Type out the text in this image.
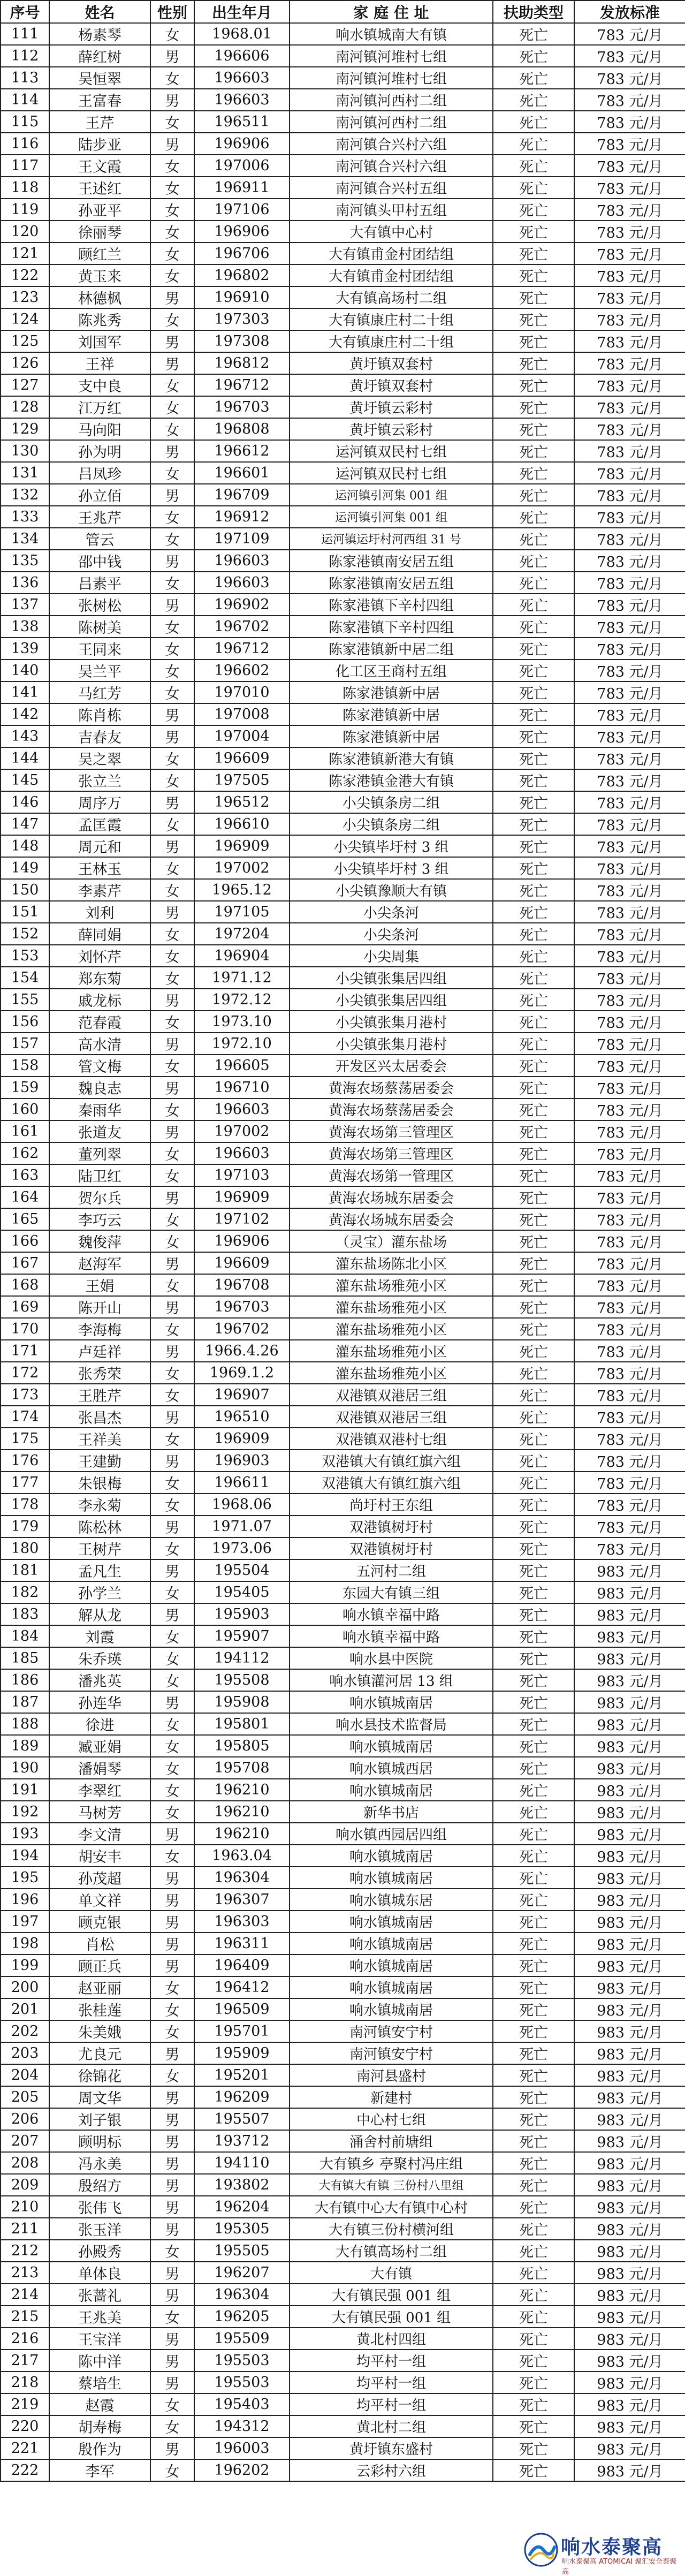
序号	姓名	性别	出生年月	家 庭 住 址	扶助类型	发放标准
111	杨素琴	女	1968.01	响水镇城南大有镇	死亡	783 元/月
112	薛红树	男	196606	南河镇河堆村七组	死亡	783 元/月
113	吴恒翠	女	196603	南河镇河堆村七组	死亡	783 元/月
114	王富春	男	196603	南河镇河西村二组	死亡	783 元/月
115	王芹	女	196511	南河镇河西村二组	死亡	783 元/月
116	陆步亚	男	196906	南河镇合兴村六组	死亡	783 元/月
117	王文霞	女	197006	南河镇合兴村六组	死亡	783 元/月
118	王述红	女	196911	南河镇合兴村五组	死亡	783 元/月
119	孙亚平	女	197106	南河镇头甲村五组	死亡	783 元/月
120	徐丽琴	女	196906	大有镇中心村	死亡	783 元/月
121	顾红兰	女	196706	大有镇甫金村团结组	死亡	783 元/月
122	黄玉来	女	196802	大有镇甫金村团结组	死亡	783 元/月
123	林德枫	男	196910	大有镇高场村二组	死亡	783 元/月
124	陈兆秀	女	197303	大有镇康庄村二十组	死亡	783 元/月
125	刘国军	男	197308	大有镇康庄村二十组	死亡	783 元/月
126	王祥	男	196812	黄圩镇双套村	死亡	783 元/月
127	支中良	女	196712	黄圩镇双套村	死亡	783 元/月
128	江万红	女	196703	黄圩镇云彩村	死亡	783 元/月
129	马向阳	女	196808	黄圩镇云彩村	死亡	783 元/月
130	孙为明	男	196612	运河镇双民村七组	死亡	783 元/月
131	吕凤珍	女	196601	运河镇双民村七组	死亡	783 元/月
132	孙立佰	男	196709	运河镇引河集 001 组	死亡	783 元/月
133	王兆芹	女	196912	运河镇引河集 001 组	死亡	783 元/月
134	管云	女	197109	运河镇运圩村河西组 31 号	死亡	783 元/月
135	邵中钱	男	196603	陈家港镇南安居五组	死亡	783 元/月
136	吕素平	女	196603	陈家港镇南安居五组	死亡	783 元/月
137	张树松	男	196902	陈家港镇下辛村四组	死亡	783 元/月
138	陈树美	女	196702	陈家港镇下辛村四组	死亡	783 元/月
139	王同来	女	196712	陈家港镇新中居二组	死亡	783 元/月
140	吴兰平	女	196602	化工区王商村五组	死亡	783 元/月
141	马红芳	女	197010	陈家港镇新中居	死亡	783 元/月
142	陈肖栋	男	197008	陈家港镇新中居	死亡	783 元/月
143	吉春友	男	197004	陈家港镇新中居	死亡	783 元/月
144	吴之翠	女	196609	陈家港镇新港大有镇	死亡	783 元/月
145	张立兰	女	197505	陈家港镇金港大有镇	死亡	783 元/月
146	周序万	男	196512	小尖镇条房二组	死亡	783 元/月
147	孟匡霞	女	196610	小尖镇条房二组	死亡	783 元/月
148	周元和	男	196909	小尖镇毕圩村 3 组	死亡	783 元/月
149	王林玉	女	197002	小尖镇毕圩村 3 组	死亡	783 元/月
150	李素芹	女	1965.12	小尖镇豫顺大有镇	死亡	783 元/月
151	刘利	男	197105	小尖条河	死亡	783 元/月
152	薛同娟	女	197204	小尖条河	死亡	783 元/月
153	刘怀芹	女	196904	小尖周集	死亡	783 元/月
154	郑东菊	女	1971.12	小尖镇张集居四组	死亡	783 元/月
155	戚龙标	男	1972.12	小尖镇张集居四组	死亡	783 元/月
156	范春霞	女	1973.10	小尖镇张集月港村	死亡	783 元/月
157	高水清	男	1972.10	小尖镇张集月港村	死亡	783 元/月
158	管文梅	女	196605	开发区兴太居委会	死亡	783 元/月
159	魏良志	男	196710	黄海农场蔡荡居委会	死亡	783 元/月
160	秦雨华	女	196603	黄海农场蔡荡居委会	死亡	783 元/月
161	张道友	男	197002	黄海农场第三管理区	死亡	783 元/月
162	董列翠	女	196603	黄海农场第三管理区	死亡	783 元/月
163	陆卫红	女	197103	黄海农场第一管理区	死亡	783 元/月
164	贺尔兵	男	196909	黄海农场城东居委会	死亡	783 元/月
165	李巧云	女	197102	黄海农场城东居委会	死亡	783 元/月
166	魏俊萍	女	196906	（灵宝）灌东盐场	死亡	783 元/月
167	赵海军	男	196609	灌东盐场陈北小区	死亡	783 元/月
168	王娟	女	196708	灌东盐场雅苑小区	死亡	783 元/月
169	陈开山	男	196703	灌东盐场雅苑小区	死亡	783 元/月
170	李海梅	女	196702	灌东盐场雅苑小区	死亡	783 元/月
171	卢廷祥	男	1966.4.26	灌东盐场雅苑小区	死亡	783 元/月
172	张秀荣	女	1969.1.2	灌东盐场雅苑小区	死亡	783 元/月
173	王胜芹	女	196907	双港镇双港居三组	死亡	783 元/月
174	张昌杰	男	196510	双港镇双港居三组	死亡	783 元/月
175	王祥美	女	196909	双港镇双港村七组	死亡	783 元/月
176	王建勤	男	196903	双港镇大有镇红旗六组	死亡	783 元/月
177	朱银梅	女	196611	双港镇大有镇红旗六组	死亡	783 元/月
178	李永菊	女	1968.06	尚圩村王东组	死亡	783 元/月
179	陈松林	男	1971.07	双港镇树圩村	死亡	783 元/月
180	王树芹	女	1973.06	双港镇树圩村	死亡	783 元/月
181	孟凡生	男	195504	五河村二组	死亡	983 元/月
182	孙学兰	女	195405	东园大有镇三组	死亡	983 元/月
183	解从龙	男	195903	响水镇幸福中路	死亡	983 元/月
184	刘霞	女	195907	响水镇幸福中路	死亡	983 元/月
185	朱乔瑛	女	194112	响水县中医院	死亡	983 元/月
186	潘兆英	女	195508	响水镇灌河居 13 组	死亡	983 元/月
187	孙连华	男	195908	响水镇城南居	死亡	983 元/月
188	徐进	女	195801	响水县技术监督局	死亡	983 元/月
189	臧亚娟	女	195805	响水镇城南居	死亡	983 元/月
190	潘娟琴	女	195708	响水镇城西居	死亡	983 元/月
191	李翠红	女	196210	响水镇城南居	死亡	983 元/月
192	马树芳	女	196210	新华书店	死亡	983 元/月
193	李文清	男	196210	响水镇西园居四组	死亡	983 元/月
194	胡安丰	女	1963.04	响水镇城南居	死亡	983 元/月
195	孙茂超	男	196304	响水镇城南居	死亡	983 元/月
196	单文祥	男	196307	响水镇城东居	死亡	983 元/月
197	顾克银	男	196303	响水镇城南居	死亡	983 元/月
198	肖松	男	196311	响水镇城南居	死亡	983 元/月
199	顾正兵	男	196409	响水镇城南居	死亡	983 元/月
200	赵亚丽	女	196412	响水镇城南居	死亡	983 元/月
201	张桂莲	女	196509	响水镇城南居	死亡	983 元/月
202	朱美娥	女	195701	南河镇安宁村	死亡	983 元/月
203	尤良元	男	195909	南河镇安宁村	死亡	983 元/月
204	徐锦花	女	195201	南河县盛村	死亡	983 元/月
205	周文华	男	196209	新建村	死亡	983 元/月
206	刘子银	男	195507	中心村七组	死亡	983 元/月
207	顾明标	男	193712	涌舍村前塘组	死亡	983 元/月
208	冯永美	男	194110	大有镇乡 亭聚村冯庄组	死亡	983 元/月
209	殷绍方	男	193802	大有镇大有镇 三份村八里组	死亡	983 元/月
210	张伟飞	男	196204	大有镇中心大有镇中心村	死亡	983 元/月
211	张玉洋	男	195305	大有镇三份村横河组	死亡	983 元/月
212	孙殿秀	女	195505	大有镇高场村二组	死亡	983 元/月
213	单体良	男	196207	大有镇	死亡	983 元/月
214	张蔷礼	男	196304	大有镇民强 001 组	死亡	983 元/月
215	王兆美	女	196205	大有镇民强 001 组	死亡	983 元/月
216	王宝洋	男	195509	黄北村四组	死亡	983 元/月
217	陈中洋	男	195503	均平村一组	死亡	983 元/月
218	蔡培生	男	195503	均平村一组	死亡	983 元/月
219	赵霞	女	195403	均平村一组	死亡	983 元/月
220	胡寿梅	女	194312	黄北村二组	死亡	983 元/月
221	殷作为	男	196003	黄圩镇东盛村	死亡	983 元/月
222	李军	女	196202	云彩村六组	死亡	983 元/月
响水泰聚高
响水泰聚高 ATOMICAI 聚汇安全泰聚高
